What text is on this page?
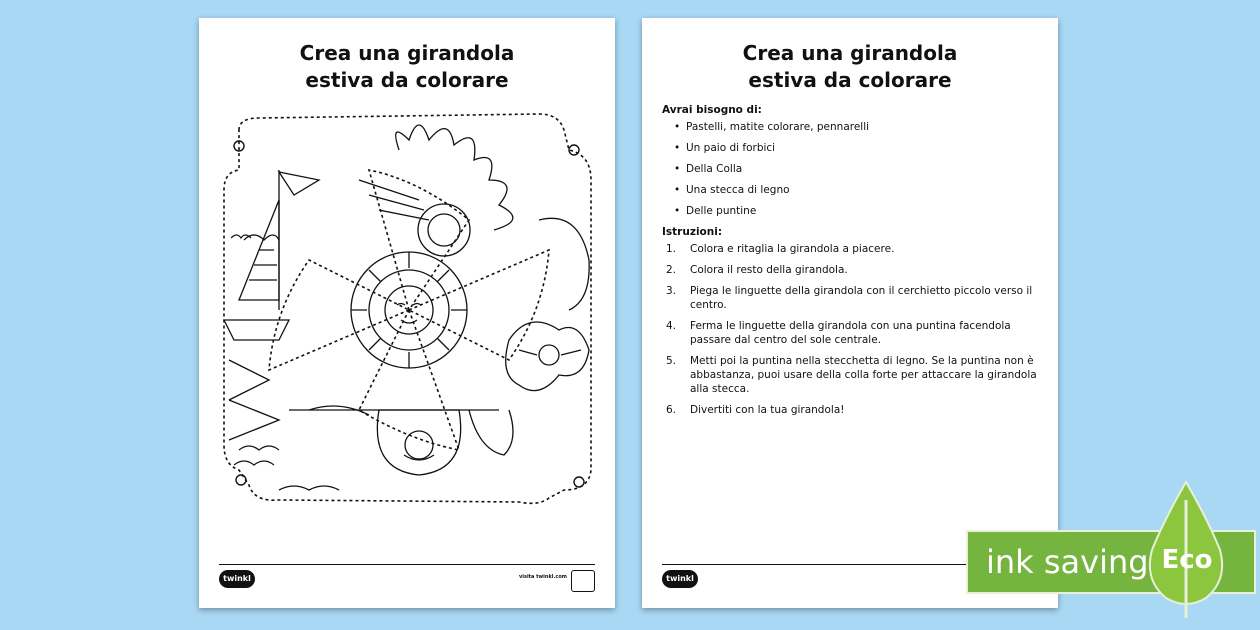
Crea una girandola
estiva da colorare
twinkl	visita twinkl.com
Crea una girandola
estiva da colorare
Avrai bisogno di:
• Pastelli, matite colorare, pennarelli
• Un paio di forbici
• Della Colla
• Una stecca di legno
• Delle puntine
Istruzioni:
1.	Colora e ritaglia la girandola a piacere.
2.	Colora il resto della girandola.
3.	Piega le linguette della girandola con il cerchietto piccolo verso il centro.
4.	Ferma le linguette della girandola con una puntina facendola passare dal centro del sole centrale.
5.	Metti poi la puntina nella stecchetta di legno. Se la puntina non è abbastanza, puoi usare della colla forte per attaccare la girandola alla stecca.
6.	Divertiti con la tua girandola!
twinkl	ink saving Eco
